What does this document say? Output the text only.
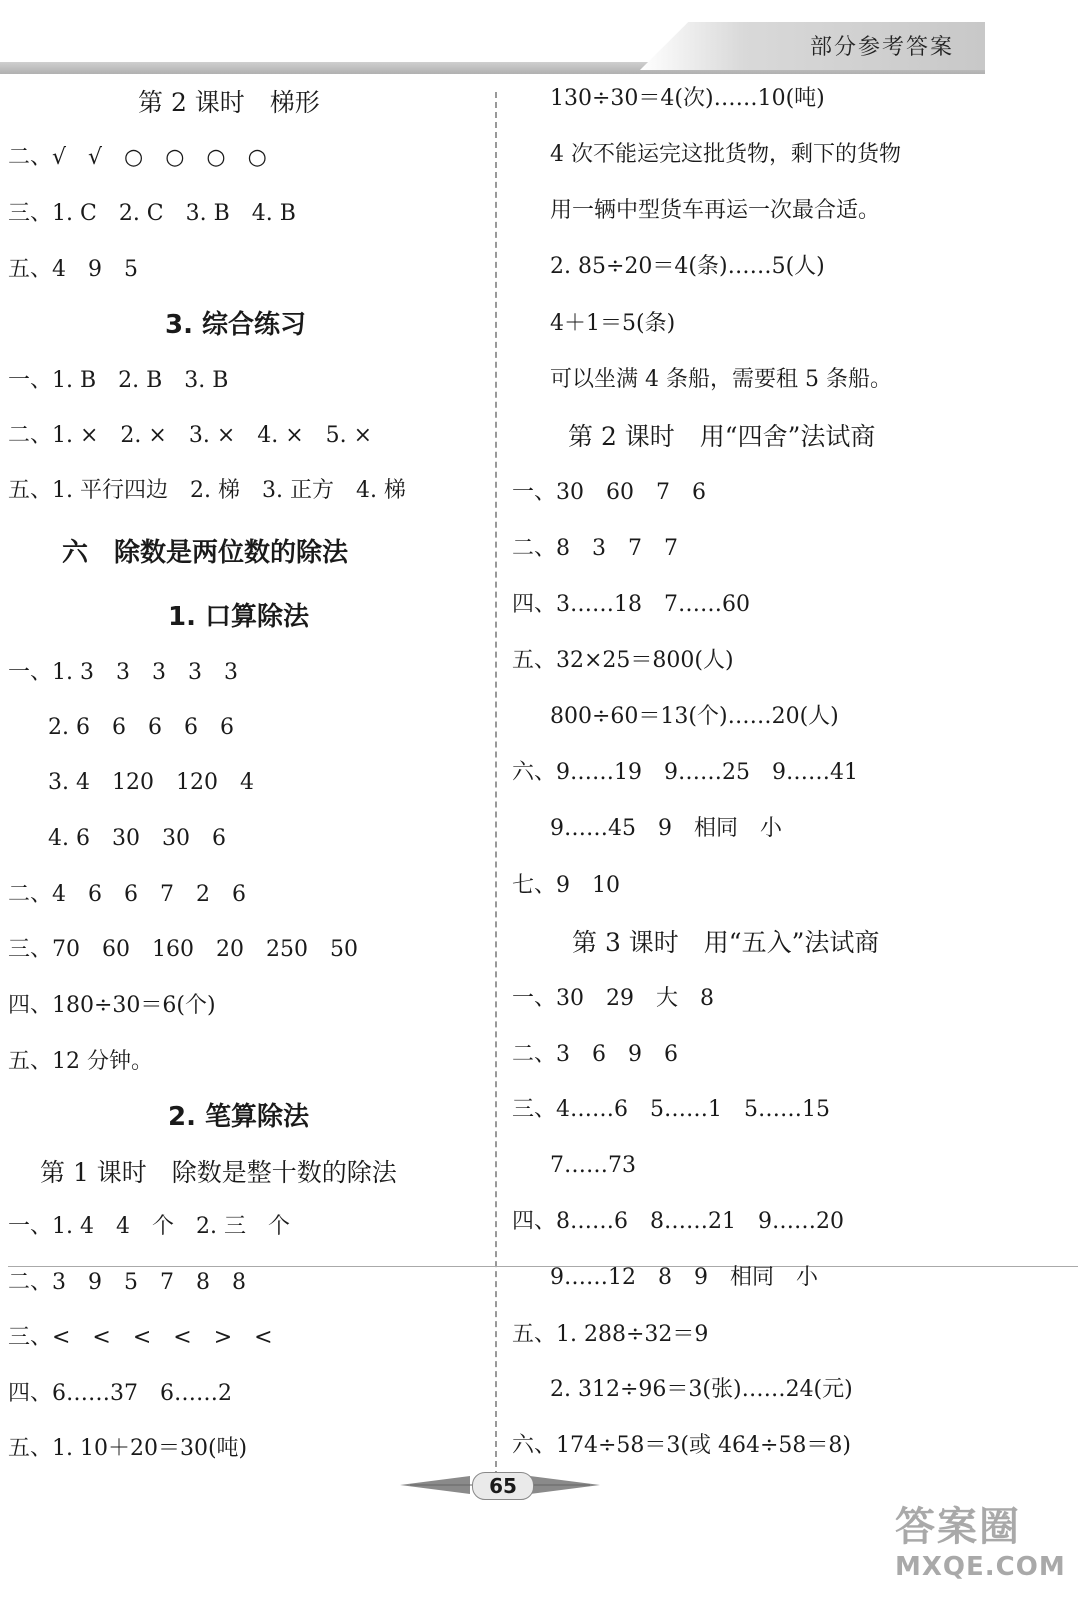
部分参考答案
第 2 课时　梯形
二、√　√　○　○　○　○
三、1. C　2. C　3. B　4. B
五、4　9　5
3. 综合练习
一、1. B　2. B　3. B
二、1. ×　2. ×　3. ×　4. ×　5. ×
五、1. 平行四边　2. 梯　3. 正方　4. 梯
六　除数是两位数的除法
1. 口算除法
一、1. 3　3　3　3　3
2. 6　6　6　6　6
3. 4　120　120　4
4. 6　30　30　6
二、4　6　6　7　2　6
三、70　60　160　20　250　50
四、180÷30＝6(个)
五、12 分钟。
2. 笔算除法
第 1 课时　除数是整十数的除法
一、1. 4　4　个　2. 三　个
二、3　9　5　7　8　8
三、<　<　<　<　>　<
四、6……37　6……2
五、1. 10＋20＝30(吨)
130÷30＝4(次)……10(吨)
4 次不能运完这批货物，剩下的货物
用一辆中型货车再运一次最合适。
2. 85÷20＝4(条)……5(人)
4＋1＝5(条)
可以坐满 4 条船，需要租 5 条船。
第 2 课时　用“四舍”法试商
一、30　60　7　6
二、8　3　7　7
四、3……18　7……60
五、32×25＝800(人)
800÷60＝13(个)……20(人)
六、9……19　9……25　9……41
9……45　9　相同　小
七、9　10
第 3 课时　用“五入”法试商
一、30　29　大　8
二、3　6　9　6
三、4……6　5……1　5……15
7……73
四、8……6　8……21　9……20
9……12　8　9　相同　小
五、1. 288÷32＝9
2. 312÷96＝3(张)……24(元)
六、174÷58＝3(或 464÷58＝8)
65
答案圈
MXQE.COM
